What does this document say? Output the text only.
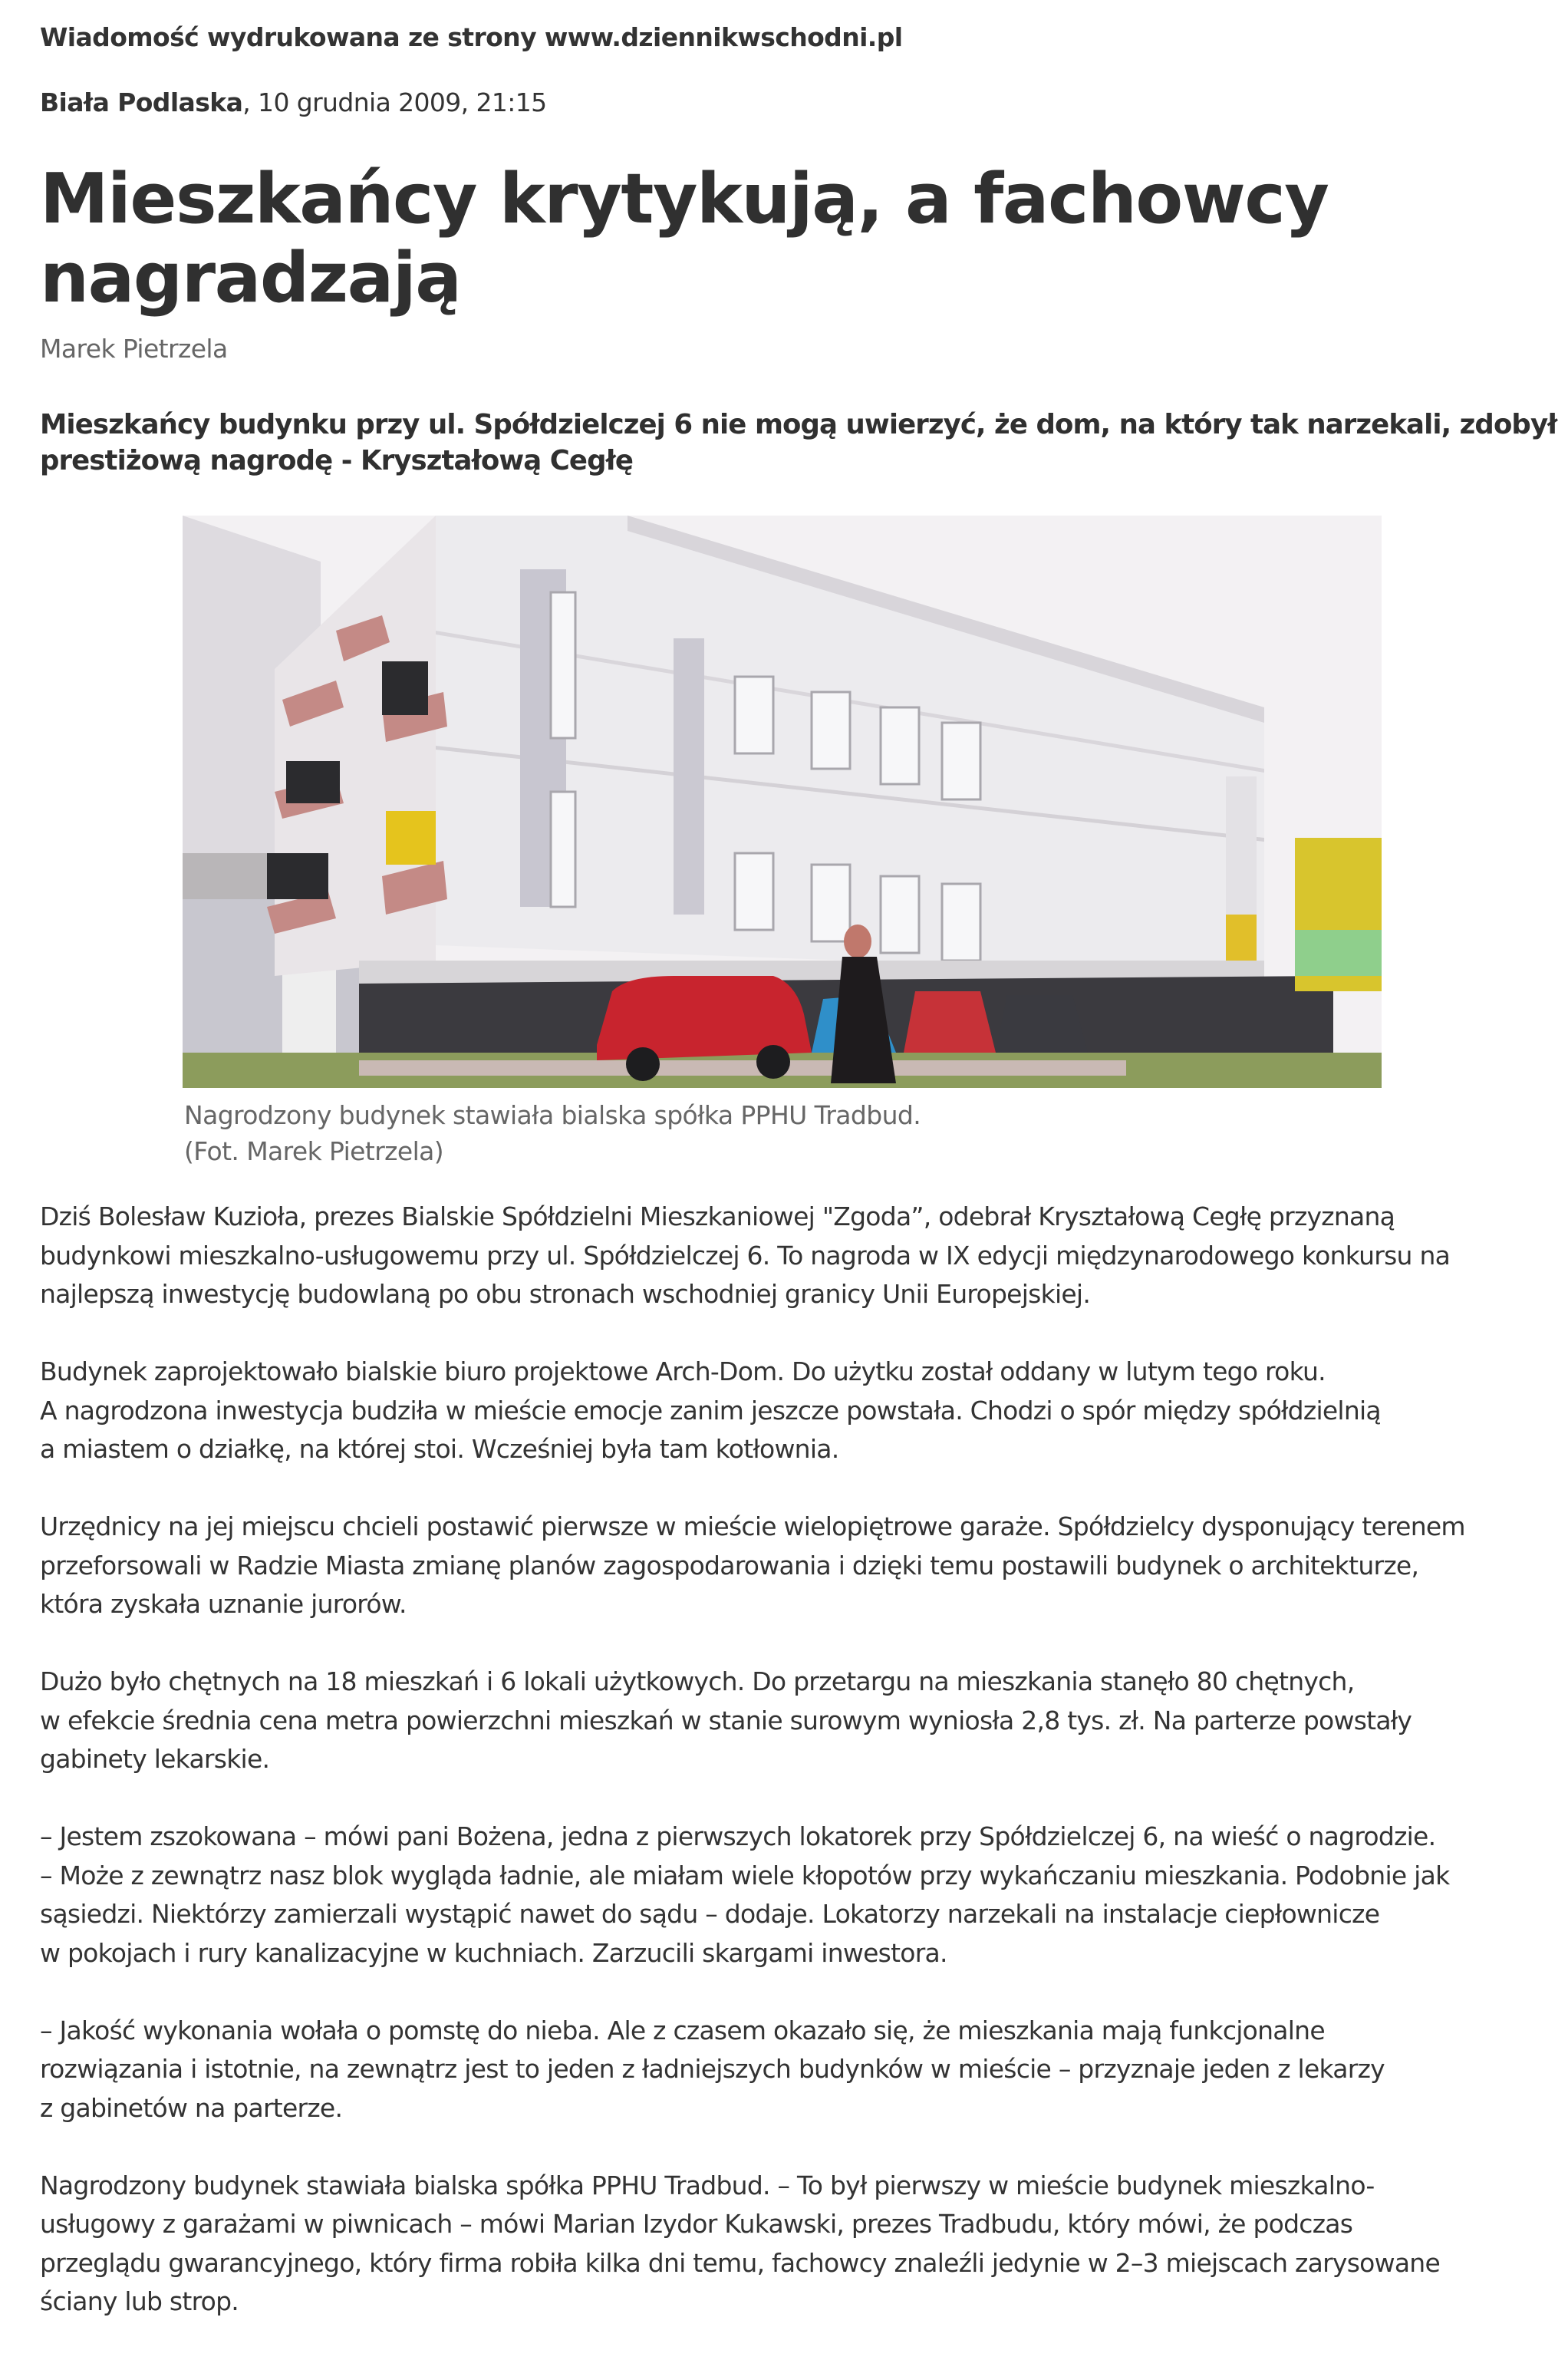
Wiadomość wydrukowana ze strony www.dziennikwschodni.pl
Biała Podlaska, 10 grudnia 2009, 21:15
Mieszkańcy krytykują, a fachowcy
nagradzają
Marek Pietrzela
Mieszkańcy budynku przy ul. Spółdzielczej 6 nie mogą uwierzyć, że dom, na który tak narzekali, zdobył
prestiżową nagrodę - Kryształową Cegłę
Nagrodzony budynek stawiała bialska spółka PPHU Tradbud.
(Fot. Marek Pietrzela)

Dziś Bolesław Kuzioła, prezes Bialskie Spółdzielni Mieszkaniowej "Zgoda”, odebrał Kryształową Cegłę przyznaną
budynkowi mieszkalno-usługowemu przy ul. Spółdzielczej 6. To nagroda w IX edycji międzynarodowego konkursu na
najlepszą inwestycję budowlaną po obu stronach wschodniej granicy Unii Europejskiej.

Budynek zaprojektowało bialskie biuro projektowe Arch-Dom. Do użytku został oddany w lutym tego roku.
A nagrodzona inwestycja budziła w mieście emocje zanim jeszcze powstała. Chodzi o spór między spółdzielnią
a miastem o działkę, na której stoi. Wcześniej była tam kotłownia.

Urzędnicy na jej miejscu chcieli postawić pierwsze w mieście wielopiętrowe garaże. Spółdzielcy dysponujący terenem
przeforsowali w Radzie Miasta zmianę planów zagospodarowania i dzięki temu postawili budynek o architekturze,
która zyskała uznanie jurorów.

Dużo było chętnych na 18 mieszkań i 6 lokali użytkowych. Do przetargu na mieszkania stanęło 80 chętnych,
w efekcie średnia cena metra powierzchni mieszkań w stanie surowym wyniosła 2,8 tys. zł. Na parterze powstały
gabinety lekarskie.

– Jestem zszokowana – mówi pani Bożena, jedna z pierwszych lokatorek przy Spółdzielczej 6, na wieść o nagrodzie.
– Może z zewnątrz nasz blok wygląda ładnie, ale miałam wiele kłopotów przy wykańczaniu mieszkania. Podobnie jak
sąsiedzi. Niektórzy zamierzali wystąpić nawet do sądu – dodaje. Lokatorzy narzekali na instalacje ciepłownicze
w pokojach i rury kanalizacyjne w kuchniach. Zarzucili skargami inwestora.

– Jakość wykonania wołała o pomstę do nieba. Ale z czasem okazało się, że mieszkania mają funkcjonalne
rozwiązania i istotnie, na zewnątrz jest to jeden z ładniejszych budynków w mieście – przyznaje jeden z lekarzy
z gabinetów na parterze.

Nagrodzony budynek stawiała bialska spółka PPHU Tradbud. – To był pierwszy w mieście budynek mieszkalno-
usługowy z garażami w piwnicach – mówi Marian Izydor Kukawski, prezes Tradbudu, który mówi, że podczas
przeglądu gwarancyjnego, który firma robiła kilka dni temu, fachowcy znaleźli jedynie w 2–3 miejscach zarysowane
ściany lub strop.
